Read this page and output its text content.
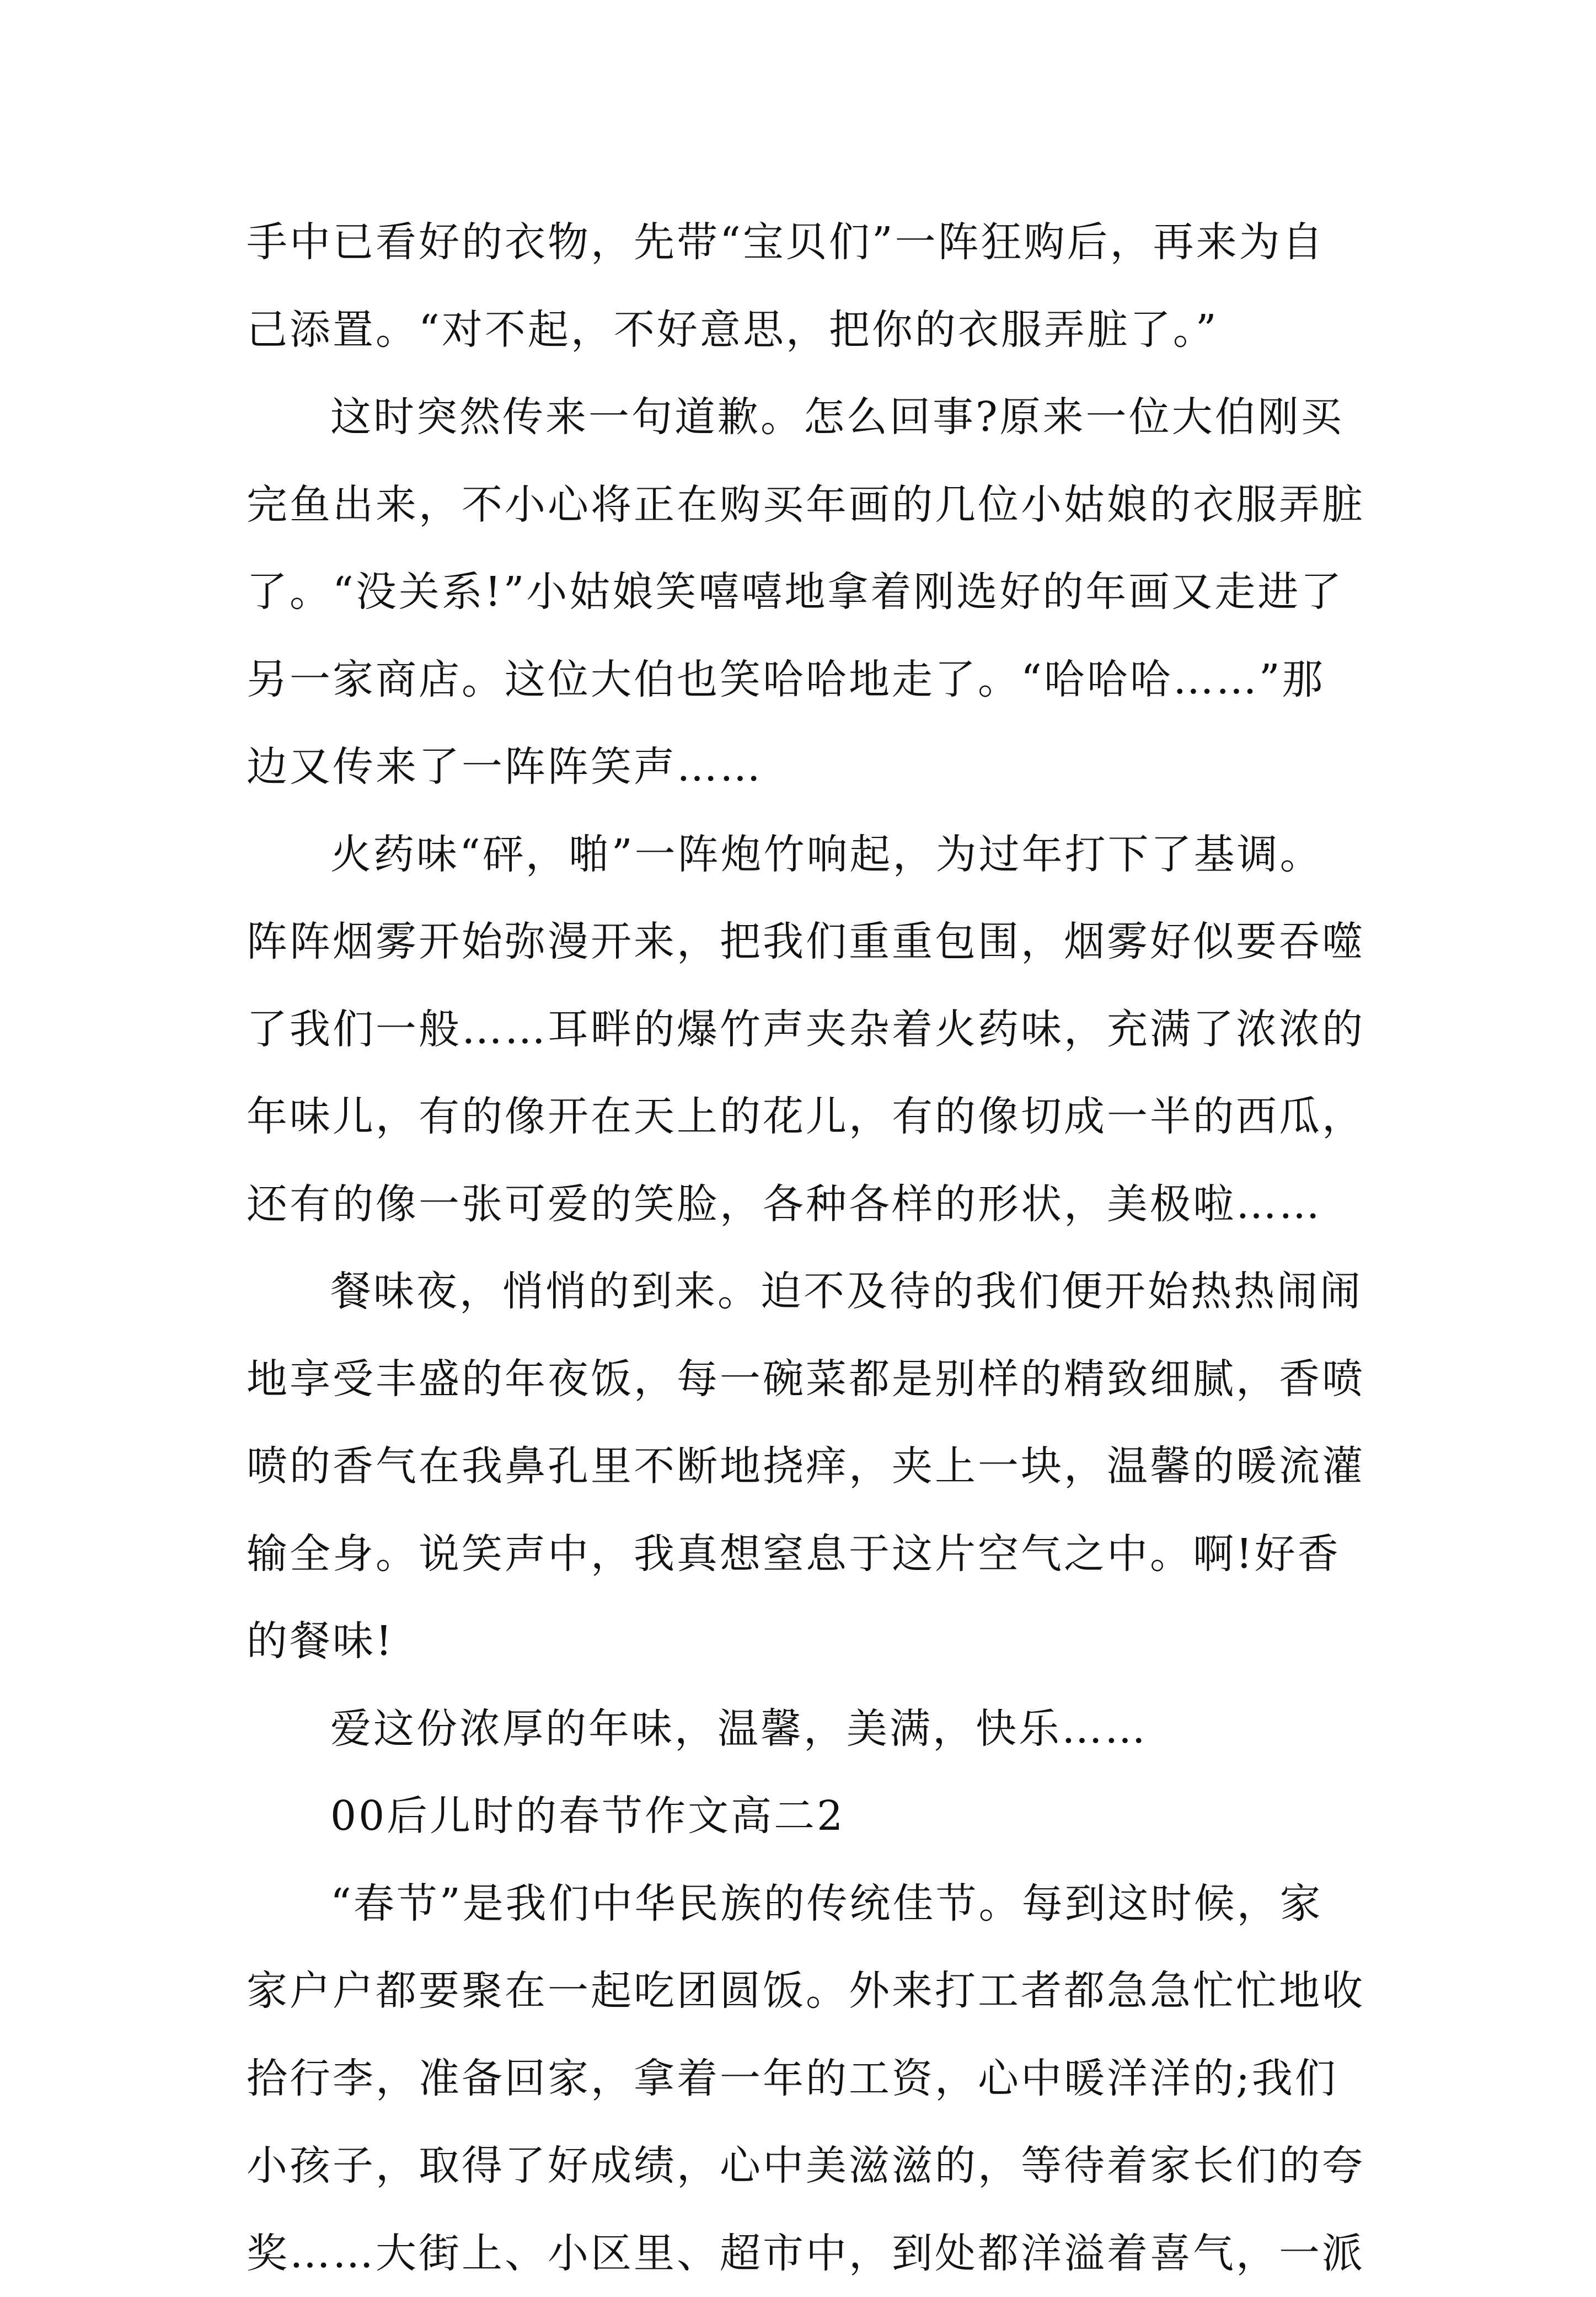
手中已看好的衣物，先带“宝贝们”一阵狂购后，再来为自

己添置。“对不起，不好意思，把你的衣服弄脏了。”

这时突然传来一句道歉。怎么回事?原来一位大伯刚买

完鱼出来，不小心将正在购买年画的几位小姑娘的衣服弄脏

了。“没关系!”小姑娘笑嘻嘻地拿着刚选好的年画又走进了

另一家商店。这位大伯也笑哈哈地走了。“哈哈哈……”那

边又传来了一阵阵笑声……

火药味“砰，啪”一阵炮竹响起，为过年打下了基调。

阵阵烟雾开始弥漫开来，把我们重重包围，烟雾好似要吞噬

了我们一般……耳畔的爆竹声夹杂着火药味，充满了浓浓的

年味儿，有的像开在天上的花儿，有的像切成一半的西瓜，

还有的像一张可爱的笑脸，各种各样的形状，美极啦……

餐味夜，悄悄的到来。迫不及待的我们便开始热热闹闹

地享受丰盛的年夜饭，每一碗菜都是别样的精致细腻，香喷

喷的香气在我鼻孔里不断地挠痒，夹上一块，温馨的暖流灌

输全身。说笑声中，我真想窒息于这片空气之中。啊!好香

的餐味!

爱这份浓厚的年味，温馨，美满，快乐……

00后儿时的春节作文高二2

“春节”是我们中华民族的传统佳节。每到这时候，家

家户户都要聚在一起吃团圆饭。外来打工者都急急忙忙地收

拾行李，准备回家，拿着一年的工资，心中暖洋洋的;我们

小孩子，取得了好成绩，心中美滋滋的，等待着家长们的夸

奖……大街上、小区里、超市中，到处都洋溢着喜气，一派
